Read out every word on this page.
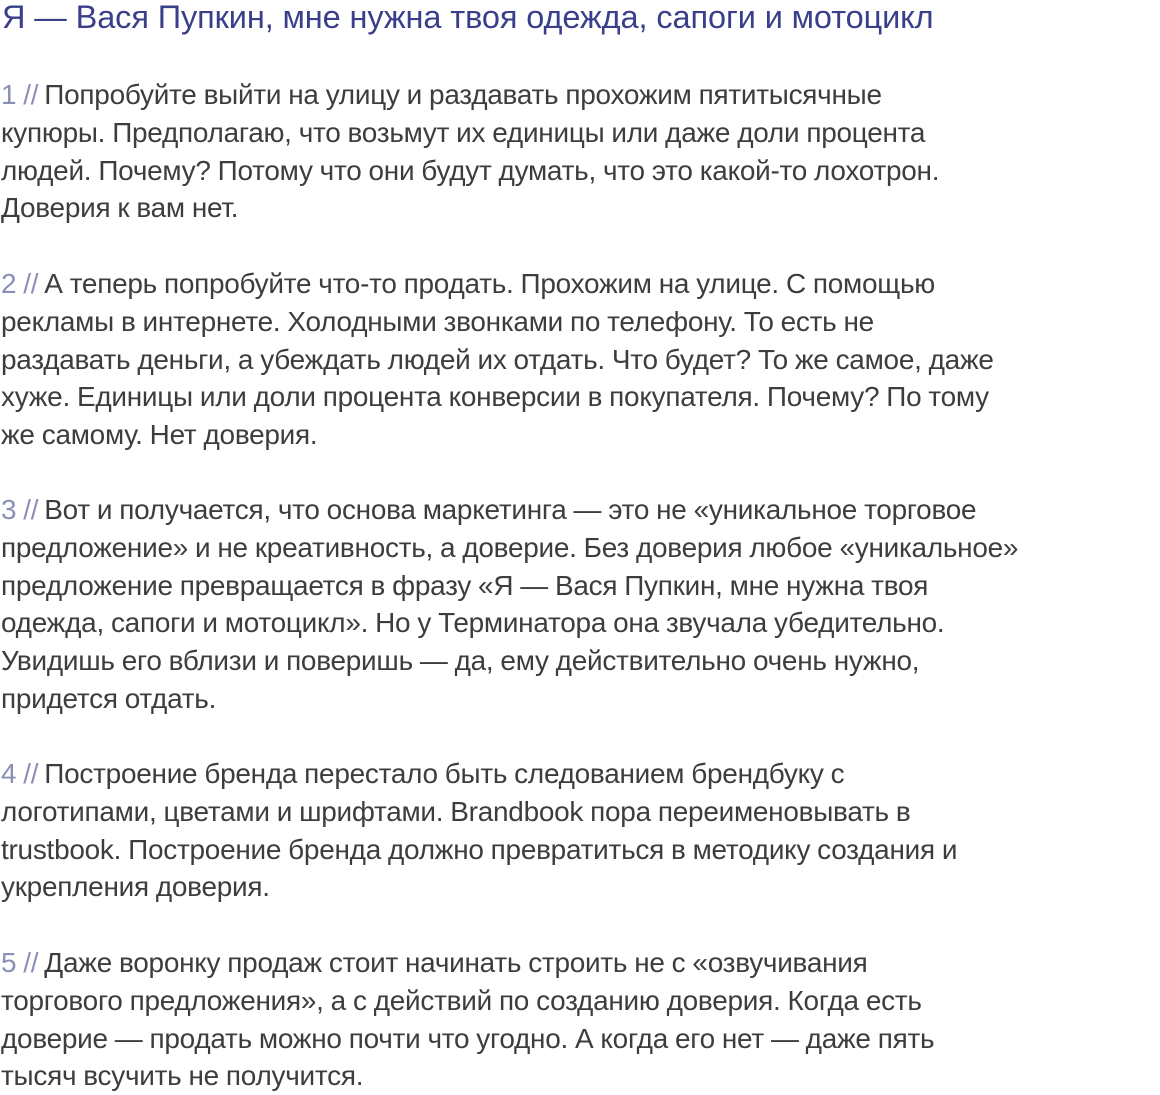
Я — Вася Пупкин, мне нужна твоя одежда, сапоги и мотоцикл

1 // Попробуйте выйти на улицу и раздавать прохожим пятитысячные
купюры. Предполагаю, что возьмут их единицы или даже доли процента
людей. Почему? Потому что они будут думать, что это какой-то лохотрон.
Доверия к вам нет.

2 // А теперь попробуйте что-то продать. Прохожим на улице. С помощью
рекламы в интернете. Холодными звонками по телефону. То есть не
раздавать деньги, а убеждать людей их отдать. Что будет? То же самое, даже
хуже. Единицы или доли процента конверсии в покупателя. Почему? По тому
же самому. Нет доверия.

3 // Вот и получается, что основа маркетинга — это не «уникальное торговое
предложение» и не креативность, а доверие. Без доверия любое «уникальное»
предложение превращается в фразу «Я — Вася Пупкин, мне нужна твоя
одежда, сапоги и мотоцикл». Но у Терминатора она звучала убедительно.
Увидишь его вблизи и поверишь — да, ему действительно очень нужно,
придется отдать.

4 // Построение бренда перестало быть следованием брендбуку с
логотипами, цветами и шрифтами. Brandbook пора переименовывать в
trustbook. Построение бренда должно превратиться в методику создания и
укрепления доверия.

5 // Даже воронку продаж стоит начинать строить не с «озвучивания
торгового предложения», а с действий по созданию доверия. Когда есть
доверие — продать можно почти что угодно. А когда его нет — даже пять
тысяч всучить не получится.
